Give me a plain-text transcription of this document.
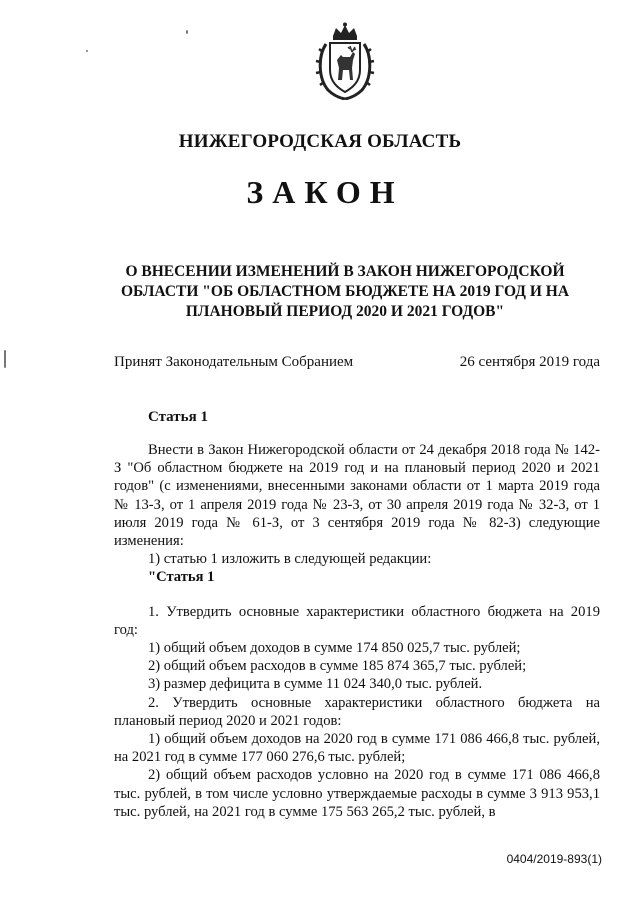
НИЖЕГОРОДСКАЯ ОБЛАСТЬ
ЗАКОН
О ВНЕСЕНИИ ИЗМЕНЕНИЙ В ЗАКОН НИЖЕГОРОДСКОЙ
ОБЛАСТИ "ОБ ОБЛАСТНОМ БЮДЖЕТЕ НА 2019 ГОД И НА
ПЛАНОВЫЙ ПЕРИОД 2020 И 2021 ГОДОВ"
Принят Законодательным Собранием	26 сентября 2019 года
Статья 1

Внести в Закон Нижегородской области от 24 декабря 2018 года № 142-З "Об областном бюджете на 2019 год и на плановый период 2020 и 2021 годов" (с изменениями, внесенными законами области от 1 марта 2019 года № 13-З, от 1 апреля 2019 года № 23-З, от 30 апреля 2019 года № 32-З, от 1 июля 2019 года № 61-З, от 3 сентября 2019 года № 82-З) следующие изменения:

1) статью 1 изложить в следующей редакции:

"Статья 1

1. Утвердить основные характеристики областного бюджета на 2019 год:

1) общий объем доходов в сумме 174 850 025,7 тыс. рублей;

2) общий объем расходов в сумме 185 874 365,7 тыс. рублей;

3) размер дефицита в сумме 11 024 340,0 тыс. рублей.

2. Утвердить основные характеристики областного бюджета на плановый период 2020 и 2021 годов:

1) общий объем доходов на 2020 год в сумме 171 086 466,8 тыс. рублей, на 2021 год в сумме 177 060 276,6 тыс. рублей;

2) общий объем расходов условно на 2020 год в сумме 171 086 466,8 тыс. рублей, в том числе условно утверждаемые расходы в сумме 3 913 953,1 тыс. рублей, на 2021 год в сумме 175 563 265,2 тыс. рублей, в

0404/2019-893(1)
